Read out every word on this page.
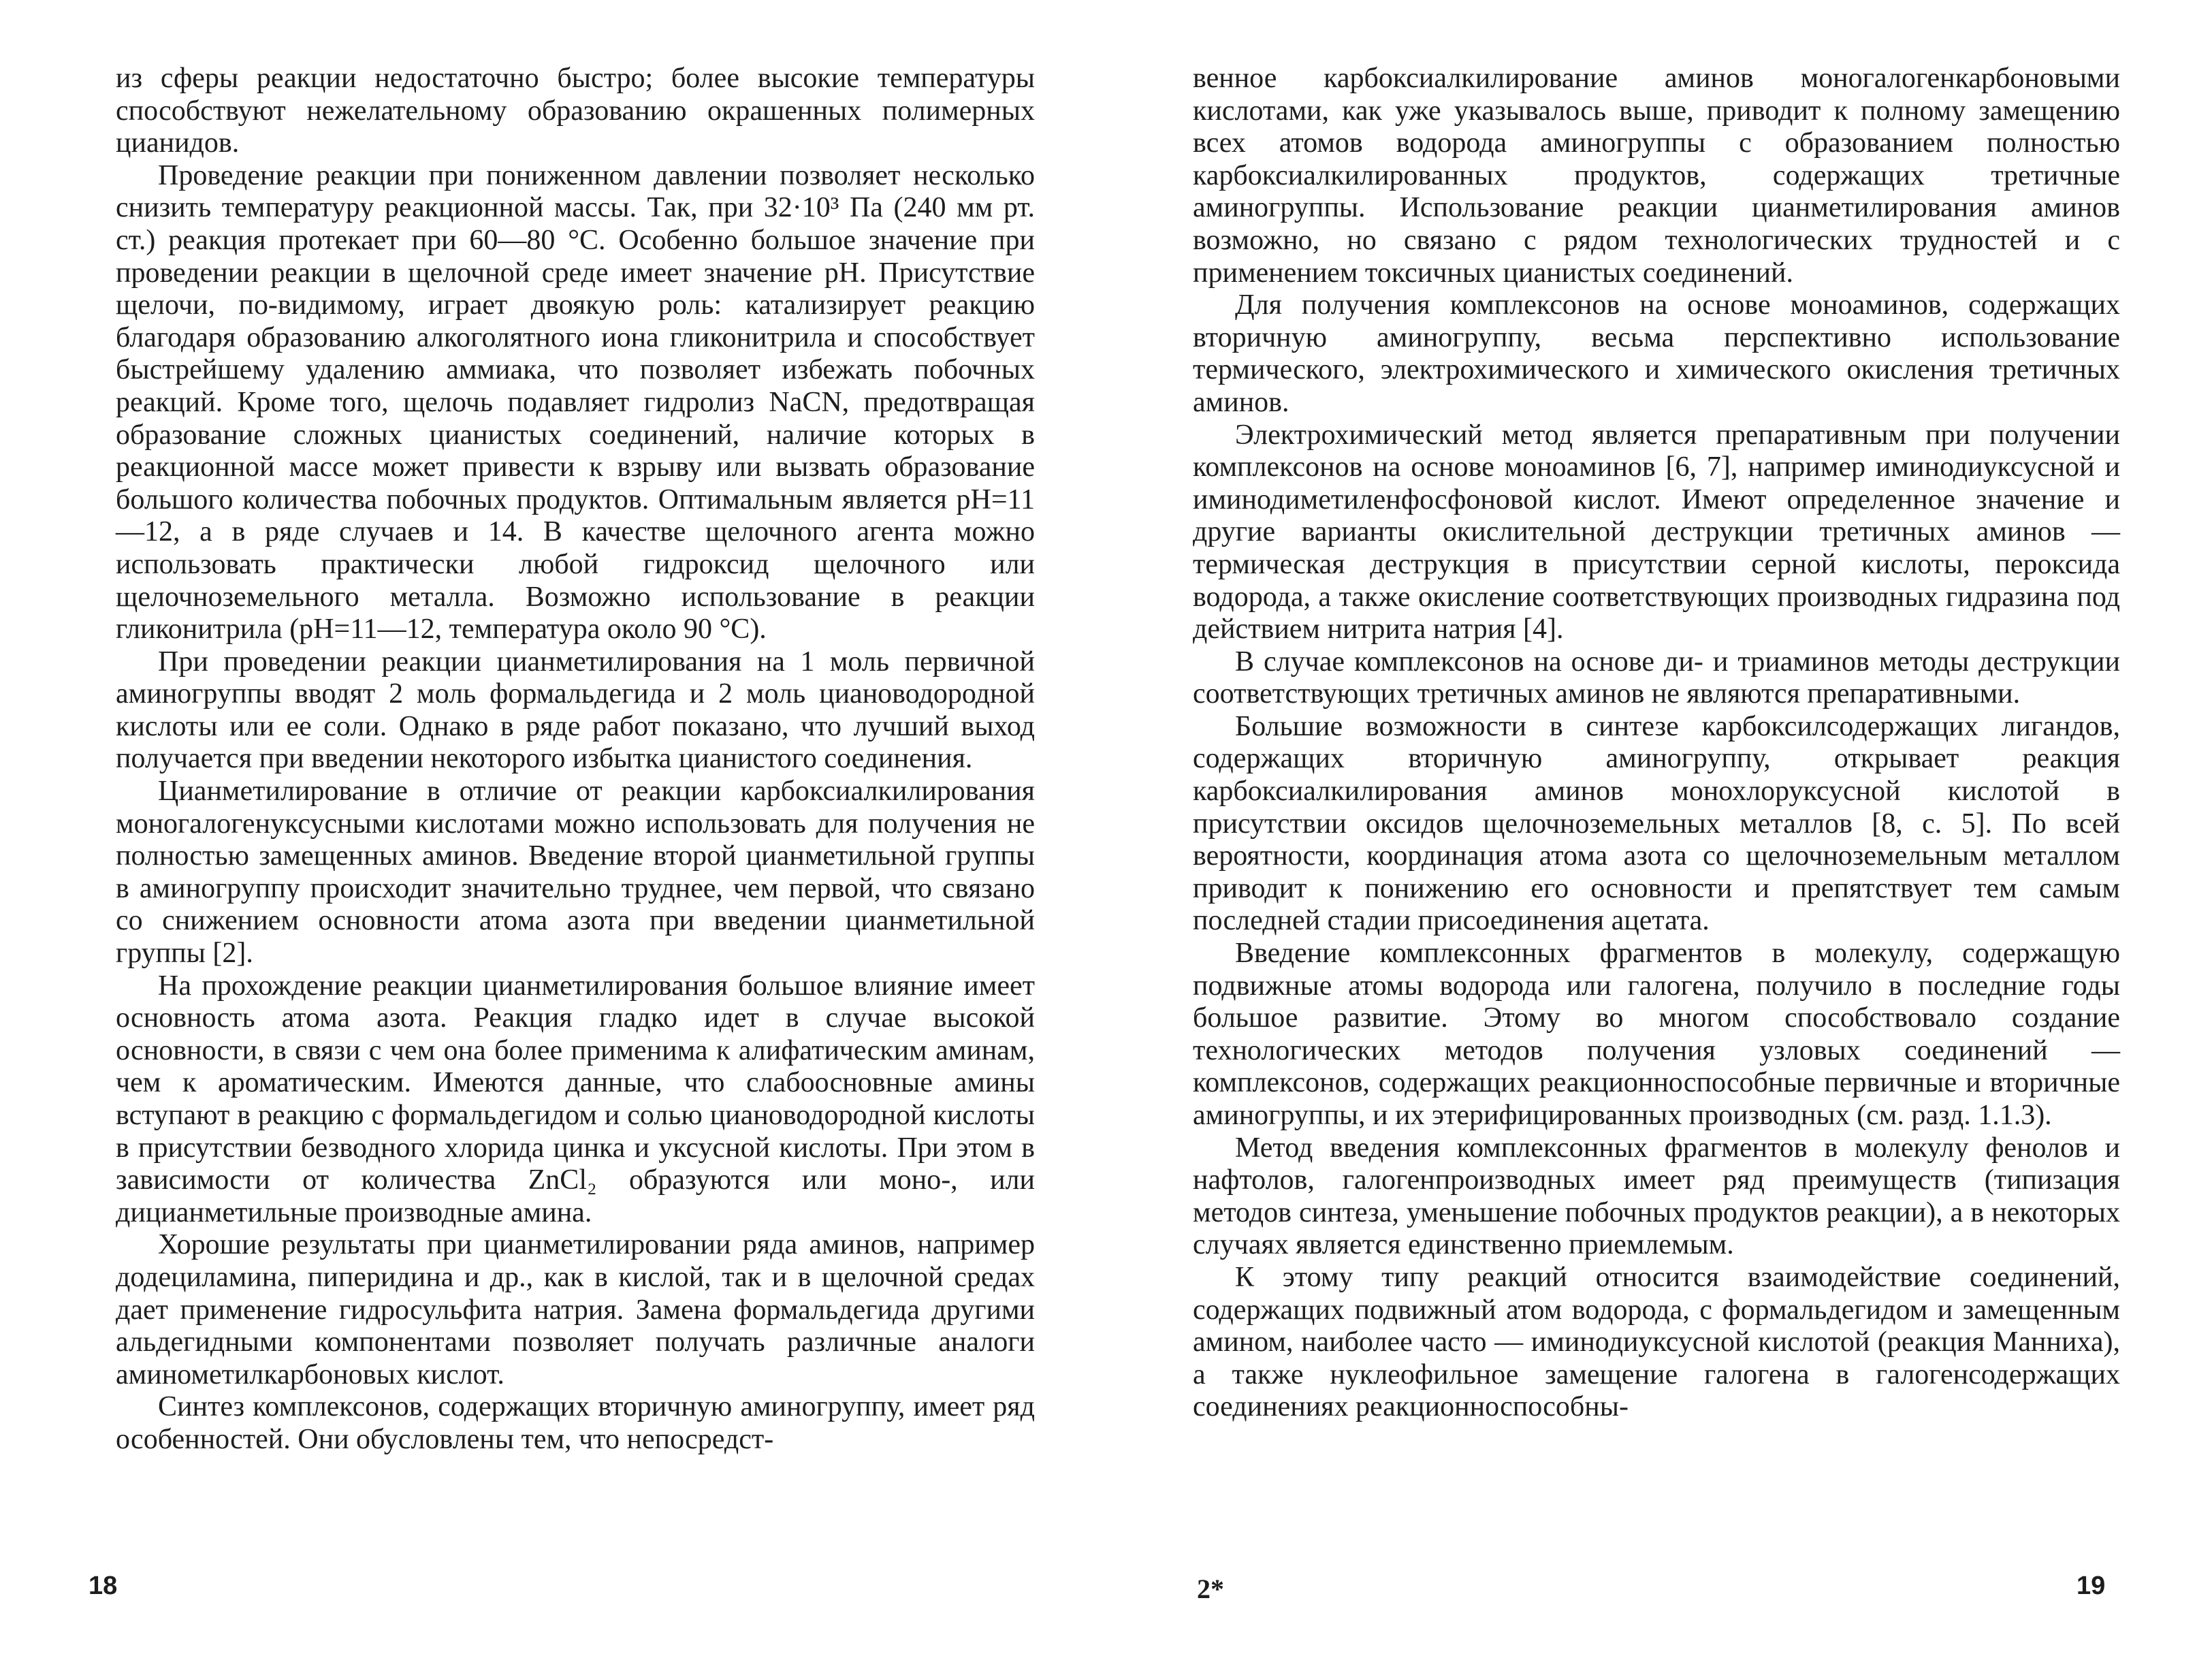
из сферы реакции недостаточно быстро; более высокие температуры способствуют нежелательному образованию окрашенных полимерных цианидов.

Проведение реакции при пониженном давлении позволяет несколько снизить температуру реакционной массы. Так, при 32·10³ Па (240 мм рт. ст.) реакция протекает при 60—80 °С. Особенно большое значение при проведении реакции в щелочной среде имеет значение pH. Присутствие щелочи, по-видимому, играет двоякую роль: катализирует реакцию благодаря образованию алкоголятного иона гликонитрила и способствует быстрейшему удалению аммиака, что позволяет избежать побочных реакций. Кроме того, щелочь подавляет гидролиз NaCN, предотвращая образование сложных цианистых соединений, наличие которых в реакционной массе может привести к взрыву или вызвать образование большого количества побочных продуктов. Оптимальным является pH=11—12, а в ряде случаев и 14. В качестве щелочного агента можно использовать практически любой гидроксид щелочного или щелочноземельного металла. Возможно использование в реакции гликонитрила (pH=11—12, температура около 90 °С).

При проведении реакции цианметилирования на 1 моль первичной аминогруппы вводят 2 моль формальдегида и 2 моль циановодородной кислоты или ее соли. Однако в ряде работ показано, что лучший выход получается при введении некоторого избытка цианистого соединения.

Цианметилирование в отличие от реакции карбоксиалкилирования моногалогенуксусными кислотами можно использовать для получения не полностью замещенных аминов. Введение второй цианметильной группы в аминогруппу происходит значительно труднее, чем первой, что связано со снижением основности атома азота при введении цианметильной группы [2].

На прохождение реакции цианметилирования большое влияние имеет основность атома азота. Реакция гладко идет в случае высокой основности, в связи с чем она более применима к алифатическим аминам, чем к ароматическим. Имеются данные, что слабоосновные амины вступают в реакцию с формальдегидом и солью циановодородной кислоты в присутствии безводного хлорида цинка и уксусной кислоты. При этом в зависимости от количества ZnCl₂ образуются или моно-, или дицианметильные производные амина.

Хорошие результаты при цианметилировании ряда аминов, например додециламина, пиперидина и др., как в кислой, так и в щелочной средах дает применение гидросульфита натрия. Замена формальдегида другими альдегидными компонентами позволяет получать различные аналоги аминометилкарбоновых кислот.

Синтез комплексонов, содержащих вторичную аминогруппу, имеет ряд особенностей. Они обусловлены тем, что непосредст-

венное карбоксиалкилирование аминов моногалогенкарбоновыми кислотами, как уже указывалось выше, приводит к полному замещению всех атомов водорода аминогруппы с образованием полностью карбоксиалкилированных продуктов, содержащих третичные аминогруппы. Использование реакции цианметилирования аминов возможно, но связано с рядом технологических трудностей и с применением токсичных цианистых соединений.

Для получения комплексонов на основе моноаминов, содержащих вторичную аминогруппу, весьма перспективно использование термического, электрохимического и химического окисления третичных аминов.

Электрохимический метод является препаративным при получении комплексонов на основе моноаминов [6, 7], например иминодиуксусной и иминодиметиленфосфоновой кислот. Имеют определенное значение и другие варианты окислительной деструкции третичных аминов — термическая деструкция в присутствии серной кислоты, пероксида водорода, а также окисление соответствующих производных гидразина под действием нитрита натрия [4].

В случае комплексонов на основе ди- и триаминов методы деструкции соответствующих третичных аминов не являются препаративными.

Большие возможности в синтезе карбоксилсодержащих лигандов, содержащих вторичную аминогруппу, открывает реакция карбоксиалкилирования аминов монохлоруксусной кислотой в присутствии оксидов щелочноземельных металлов [8, с. 5]. По всей вероятности, координация атома азота со щелочноземельным металлом приводит к понижению его основности и препятствует тем самым последней стадии присоединения ацетата.

Введение комплексонных фрагментов в молекулу, содержащую подвижные атомы водорода или галогена, получило в последние годы большое развитие. Этому во многом способствовало создание технологических методов получения узловых соединений — комплексонов, содержащих реакционноспособные первичные и вторичные аминогруппы, и их этерифицированных производных (см. разд. 1.1.3).

Метод введения комплексонных фрагментов в молекулу фенолов и нафтолов, галогенпроизводных имеет ряд преимуществ (типизация методов синтеза, уменьшение побочных продуктов реакции), а в некоторых случаях является единственно приемлемым.

К этому типу реакций относится взаимодействие соединений, содержащих подвижный атом водорода, с формальдегидом и замещенным амином, наиболее часто — иминодиуксусной кислотой (реакция Манниха), а также нуклеофильное замещение галогена в галогенсодержащих соединениях реакционноспособны-

18	2*	19
